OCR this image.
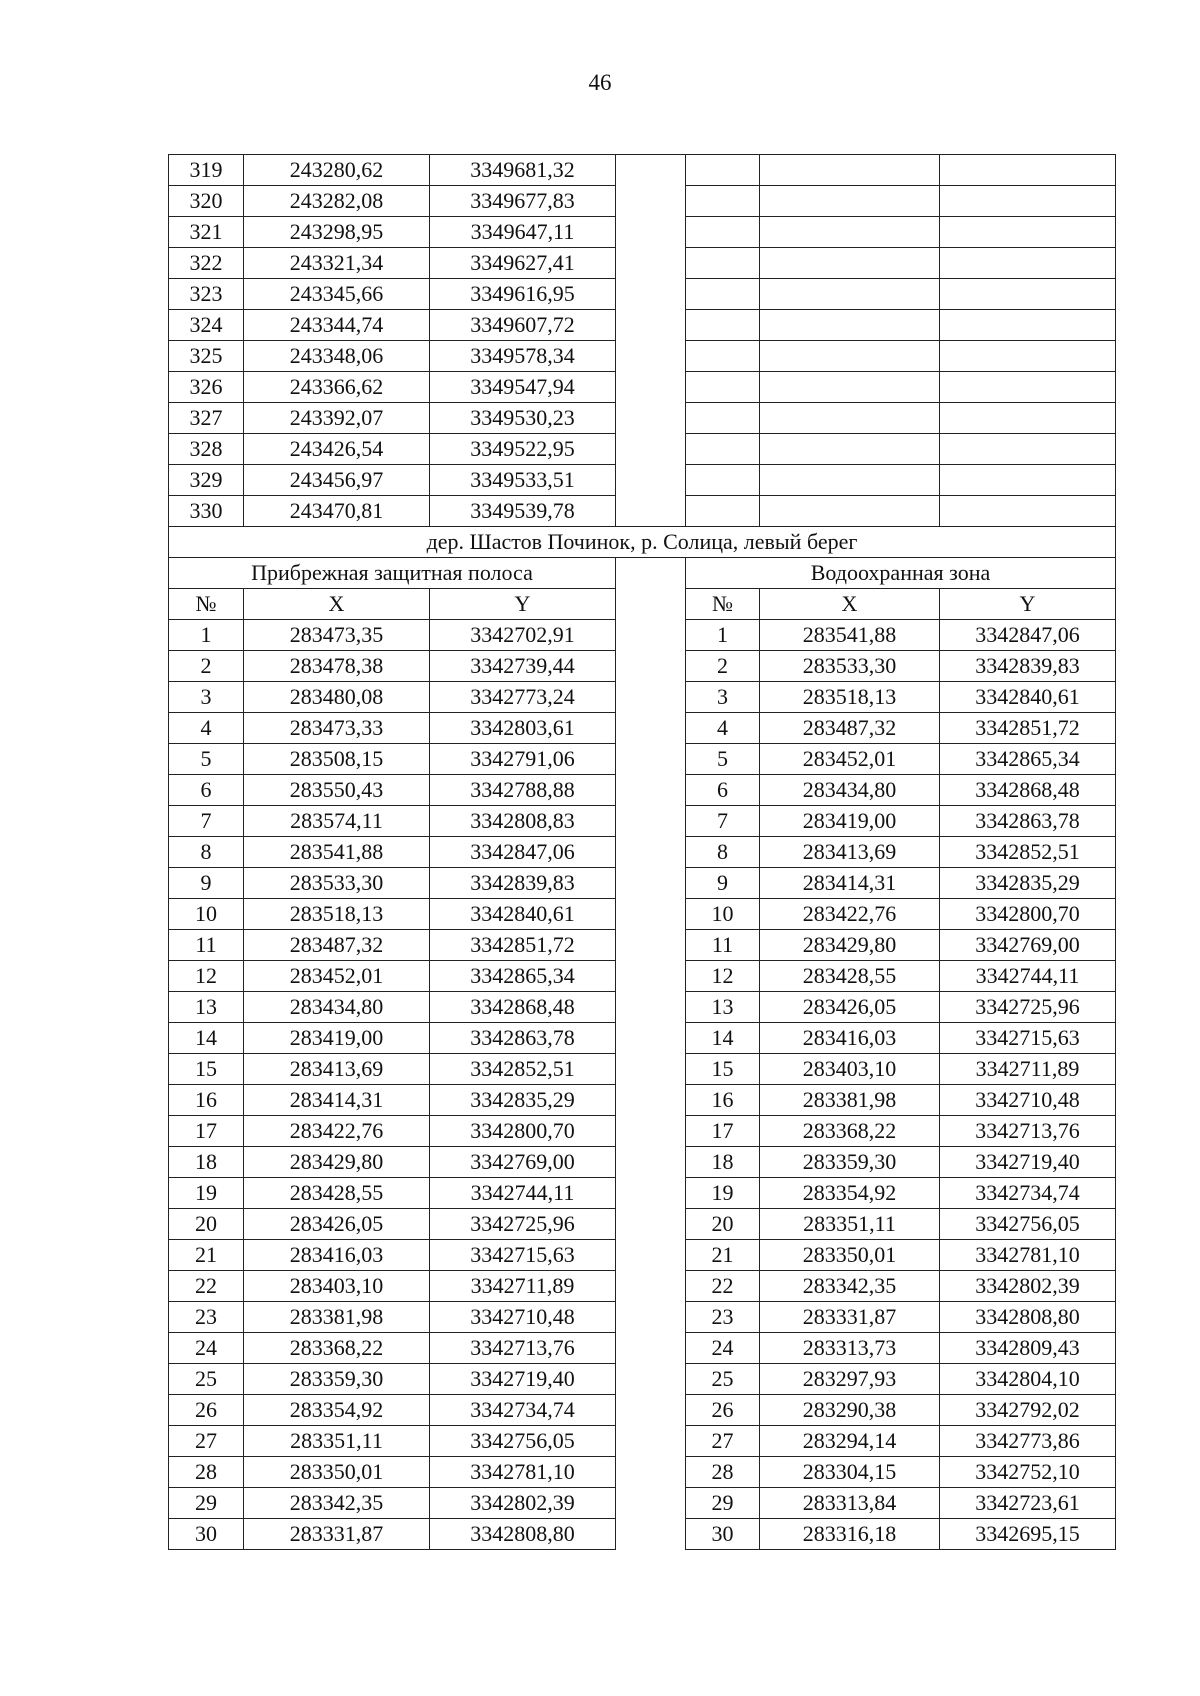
46
319	243280,62	3349681,32				
320	243282,08	3349677,83				
321	243298,95	3349647,11				
322	243321,34	3349627,41				
323	243345,66	3349616,95				
324	243344,74	3349607,72				
325	243348,06	3349578,34				
326	243366,62	3349547,94				
327	243392,07	3349530,23				
328	243426,54	3349522,95				
329	243456,97	3349533,51				
330	243470,81	3349539,78				
дер. Шастов Починок, р. Солица, левый берег						
Прибрежная защитная полоса				Водоохранная зона		
№	X	Y		№	X	Y
1	283473,35	3342702,91		1	283541,88	3342847,06
2	283478,38	3342739,44		2	283533,30	3342839,83
3	283480,08	3342773,24		3	283518,13	3342840,61
4	283473,33	3342803,61		4	283487,32	3342851,72
5	283508,15	3342791,06		5	283452,01	3342865,34
6	283550,43	3342788,88		6	283434,80	3342868,48
7	283574,11	3342808,83		7	283419,00	3342863,78
8	283541,88	3342847,06		8	283413,69	3342852,51
9	283533,30	3342839,83		9	283414,31	3342835,29
10	283518,13	3342840,61		10	283422,76	3342800,70
11	283487,32	3342851,72		11	283429,80	3342769,00
12	283452,01	3342865,34		12	283428,55	3342744,11
13	283434,80	3342868,48		13	283426,05	3342725,96
14	283419,00	3342863,78		14	283416,03	3342715,63
15	283413,69	3342852,51		15	283403,10	3342711,89
16	283414,31	3342835,29		16	283381,98	3342710,48
17	283422,76	3342800,70		17	283368,22	3342713,76
18	283429,80	3342769,00		18	283359,30	3342719,40
19	283428,55	3342744,11		19	283354,92	3342734,74
20	283426,05	3342725,96		20	283351,11	3342756,05
21	283416,03	3342715,63		21	283350,01	3342781,10
22	283403,10	3342711,89		22	283342,35	3342802,39
23	283381,98	3342710,48		23	283331,87	3342808,80
24	283368,22	3342713,76		24	283313,73	3342809,43
25	283359,30	3342719,40		25	283297,93	3342804,10
26	283354,92	3342734,74		26	283290,38	3342792,02
27	283351,11	3342756,05		27	283294,14	3342773,86
28	283350,01	3342781,10		28	283304,15	3342752,10
29	283342,35	3342802,39		29	283313,84	3342723,61
30	283331,87	3342808,80		30	283316,18	3342695,15
